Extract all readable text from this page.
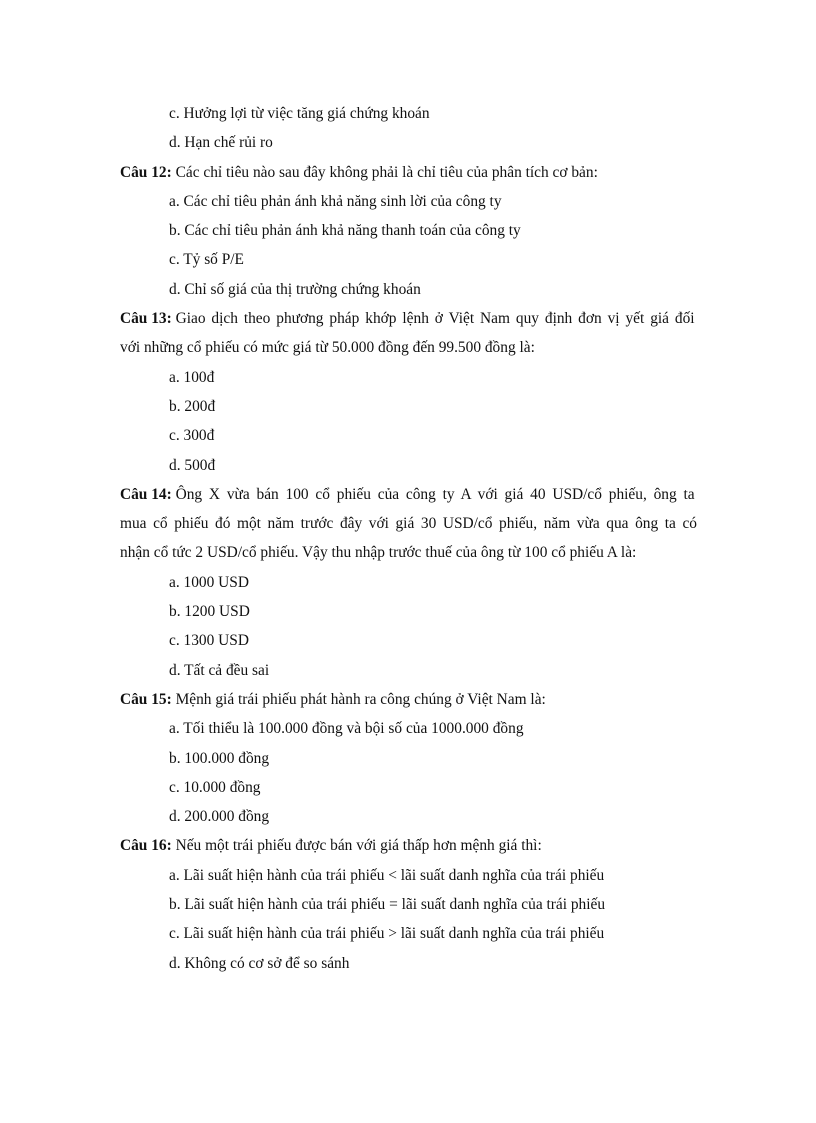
c. Hưởng lợi từ việc tăng giá chứng khoán
d. Hạn chế rủi ro
Câu 12: Các chỉ tiêu nào sau đây không phải là chỉ tiêu của phân tích cơ bản:
a. Các chỉ tiêu phản ánh khả năng sinh lời của công ty
b. Các chỉ tiêu phản ánh khả năng thanh toán của công ty
c. Tỷ số P/E
d. Chỉ số giá của thị trường chứng khoán
Câu 13: Giao dịch theo phương pháp khớp lệnh ở Việt Nam quy định đơn vị yết giá đối
với những cổ phiếu có mức giá từ 50.000 đồng đến 99.500 đồng là:
a. 100đ
b. 200đ
c. 300đ
d. 500đ
Câu 14: Ông X vừa bán 100 cổ phiếu của công ty A với giá 40 USD/cổ phiếu, ông ta
mua cổ phiếu đó một năm trước đây với giá 30 USD/cổ phiếu, năm vừa qua ông ta có
nhận cổ tức 2 USD/cổ phiếu. Vậy thu nhập trước thuế của ông từ 100 cổ phiếu A là:
a. 1000 USD
b. 1200 USD
c. 1300 USD
d. Tất cả đều sai
Câu 15: Mệnh giá trái phiếu phát hành ra công chúng ở Việt Nam là:
a. Tối thiểu là 100.000 đồng và bội số của 1000.000 đồng
b. 100.000 đồng
c. 10.000 đồng
d. 200.000 đồng
Câu 16: Nếu một trái phiếu được bán với giá thấp hơn mệnh giá thì:
a. Lãi suất hiện hành của trái phiếu < lãi suất danh nghĩa của trái phiếu
b. Lãi suất hiện hành của trái phiếu = lãi suất danh nghĩa của trái phiếu
c. Lãi suất hiện hành của trái phiếu > lãi suất danh nghĩa của trái phiếu
d. Không có cơ sở để so sánh
